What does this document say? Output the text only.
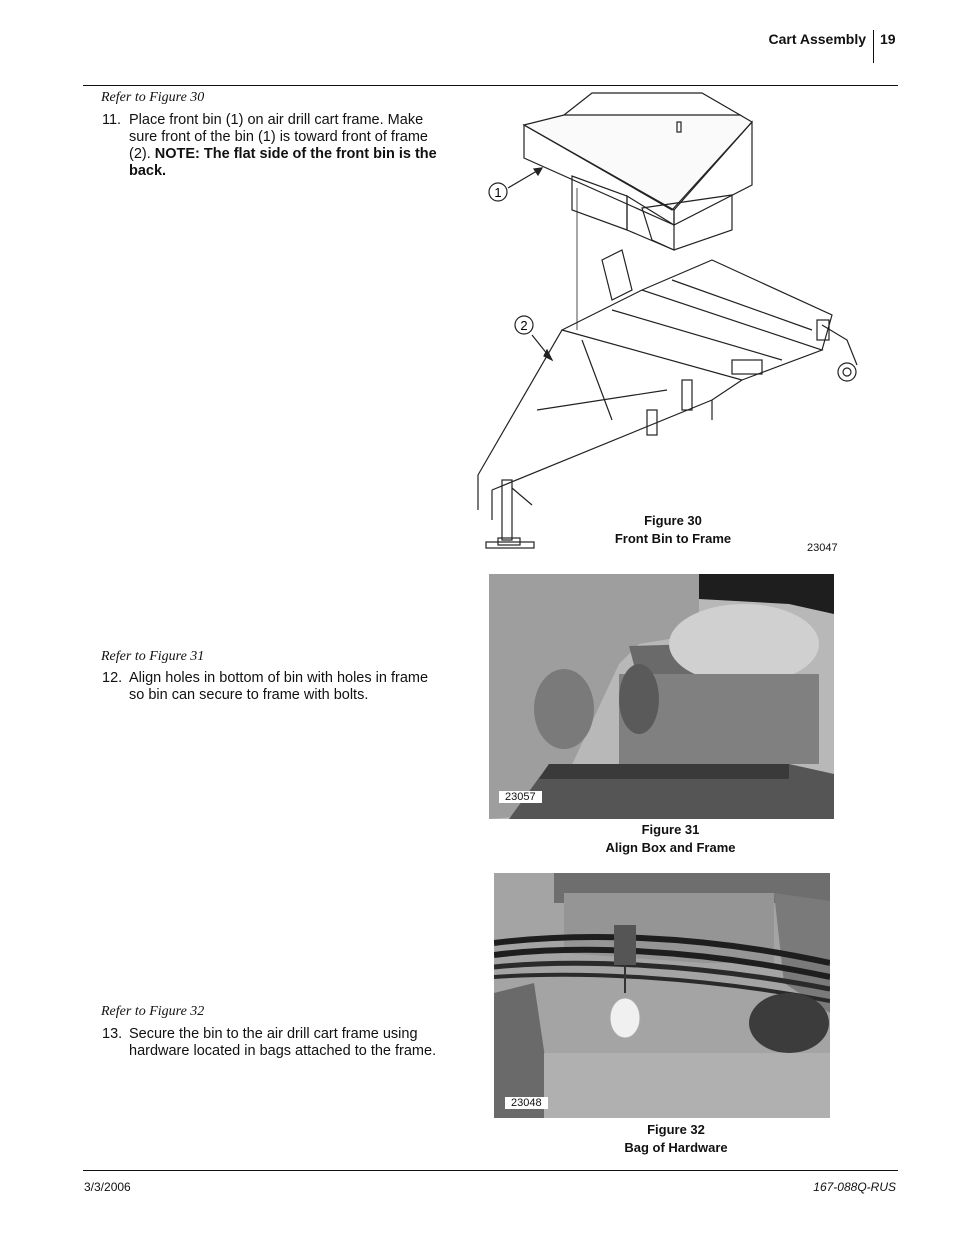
Cart Assembly 19
Refer to Figure 30
11. Place front bin (1) on air drill cart frame. Make sure front of the bin (1) is toward front of frame (2). NOTE: The flat side of the front bin is the back.
1
2
Figure 30
Front Bin to Frame
23047
Refer to Figure 31
12. Align holes in bottom of bin with holes in frame so bin can secure to frame with bolts.
23057
Figure 31
Align Box and Frame
Refer to Figure 32
13. Secure the bin to the air drill cart frame using hardware located in bags attached to the frame.
23048
Figure 32
Bag of Hardware
3/3/2006	167-088Q-RUS
